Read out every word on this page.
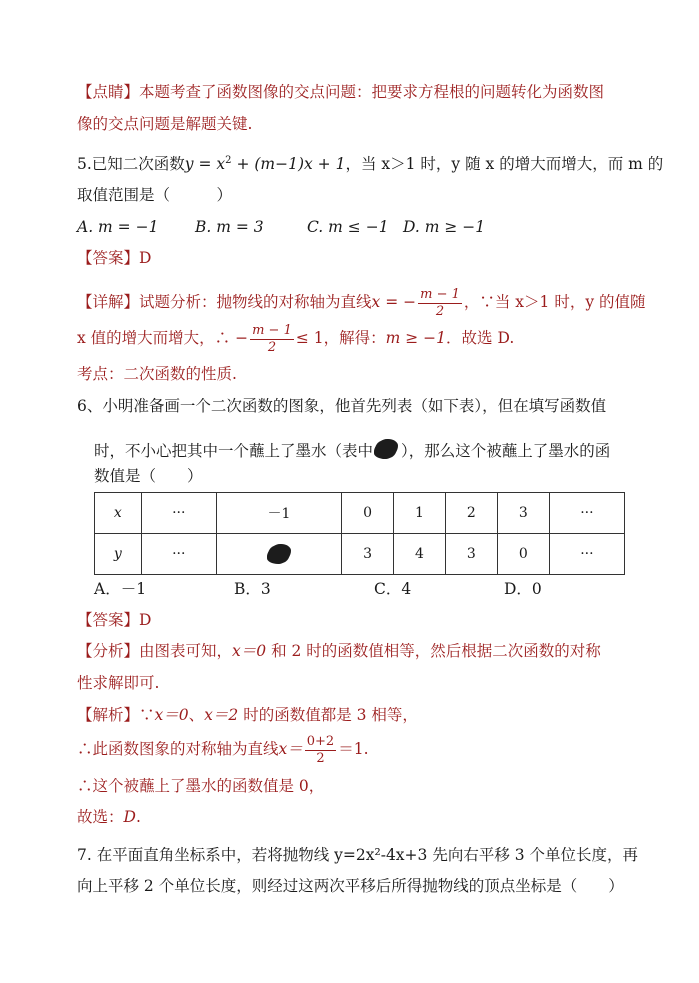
【点睛】本题考查了函数图像的交点问题：把要求方程根的问题转化为函数图
像的交点问题是解题关键.
5.已知二次函数$y = x^2 + (m-1)x + 1$，当 x＞1 时，y 随 x 的增大而增大，而 m 的
取值范围是（　　　）
A. m = −1 B. m = 3	C. m ≤ −1 D. m ≥ −1
【答案】D
【详解】试题分析：抛物线的对称轴为直线x = − $\frac{m - 1}{2}$ ，∵当 x＞1 时，y 的值随
x 值的增大而增大，∴ − $\frac{m - 1}{2} \le 1$，解得：m ≥ −1．故选 D.
考点：二次函数的性质.
6、小明准备画一个二次函数的图象，他首先列表（如下表），但在填写函数值
时，不小心把其中一个蘸上了墨水（表中 ），那么这个被蘸上了墨水的函
数值是（　　）
x	···	－1	0	1	2	3	···
y	···		3	4	3	0	···
A．－1	B．3	C．4	D．0
【答案】D
【分析】由图表可知，x＝0 和 2 时的函数值相等，然后根据二次函数的对称
性求解即可.
【解析】∵x＝0、x＝2 时的函数值都是 3 相等，
∴此函数图象的对称轴为直线$x= \frac{0+2}{2} =1$.
∴这个被蘸上了墨水的函数值是 0，
故选：D.
7. 在平面直角坐标系中，若将抛物线 y=2x²-4x+3 先向右平移 3 个单位长度，再
向上平移 2 个单位长度，则经过这两次平移后所得抛物线的顶点坐标是（　　）
